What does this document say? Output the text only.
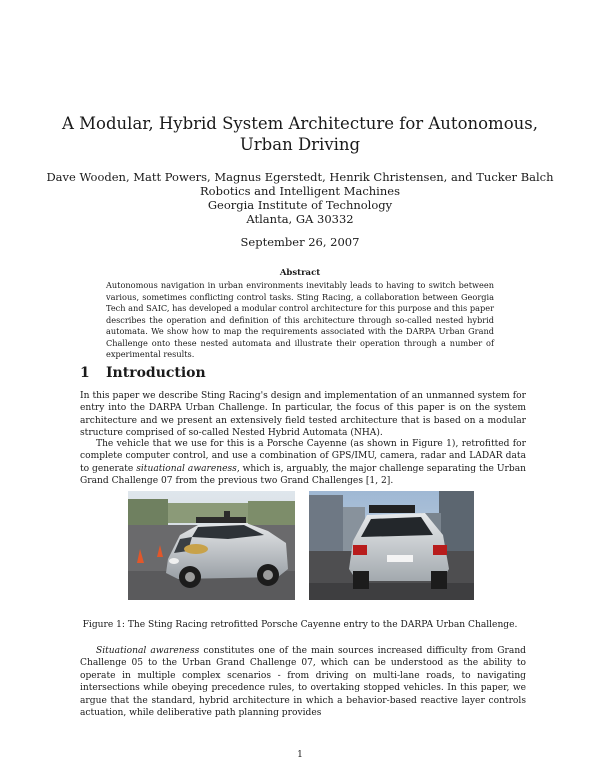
A Modular, Hybrid System Architecture for Autonomous, Urban Driving
Dave Wooden, Matt Powers, Magnus Egerstedt, Henrik Christensen, and Tucker Balch
Robotics and Intelligent Machines
Georgia Institute of Technology
Atlanta, GA 30332
September 26, 2007
Abstract
Autonomous navigation in urban environments inevitably leads to having to switch between various, sometimes conflicting control tasks. Sting Racing, a collaboration between Georgia Tech and SAIC, has developed a modular control architecture for this purpose and this paper describes the operation and definition of this architecture through so-called nested hybrid automata. We show how to map the requirements associated with the DARPA Urban Grand Challenge onto these nested automata and illustrate their operation through a number of experimental results.
1 Introduction
In this paper we describe Sting Racing's design and implementation of an unmanned system for entry into the DARPA Urban Challenge. In particular, the focus of this paper is on the system architecture and we present an extensively field tested architecture that is based on a modular structure comprised of so-called Nested Hybrid Automata (NHA).
The vehicle that we use for this is a Porsche Cayenne (as shown in Figure 1), retrofitted for complete computer control, and use a combination of GPS/IMU, camera, radar and LADAR data to generate situational awareness, which is, arguably, the major challenge separating the Urban Grand Challenge 07 from the previous two Grand Challenges [1, 2].
Figure 1: The Sting Racing retrofitted Porsche Cayenne entry to the DARPA Urban Challenge.
Situational awareness constitutes one of the main sources increased difficulty from Grand Challenge 05 to the Urban Grand Challenge 07, which can be understood as the ability to operate in multiple complex scenarios - from driving on multi-lane roads, to navigating intersections while obeying precedence rules, to overtaking stopped vehicles. In this paper, we argue that the standard, hybrid architecture in which a behavior-based reactive layer controls actuation, while deliberative path planning provides
1
